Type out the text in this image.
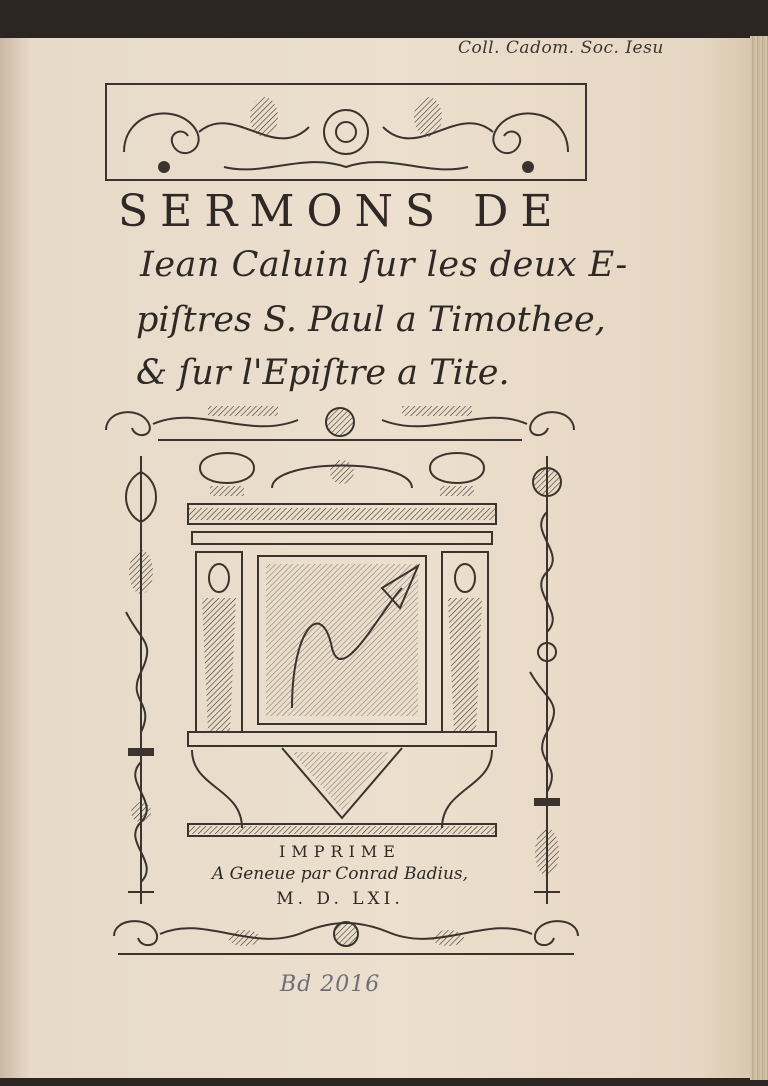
Coll. Cadom. Soc. Iesu
SERMONS DE
Iean Caluin ſur les deux E-
piſtres S. Paul a Timothee,
& ſur l'Epiſtre a Tite.
IMPRIME
A Geneue par Conrad Badius,
M. D. LXI.
Bd 2016
